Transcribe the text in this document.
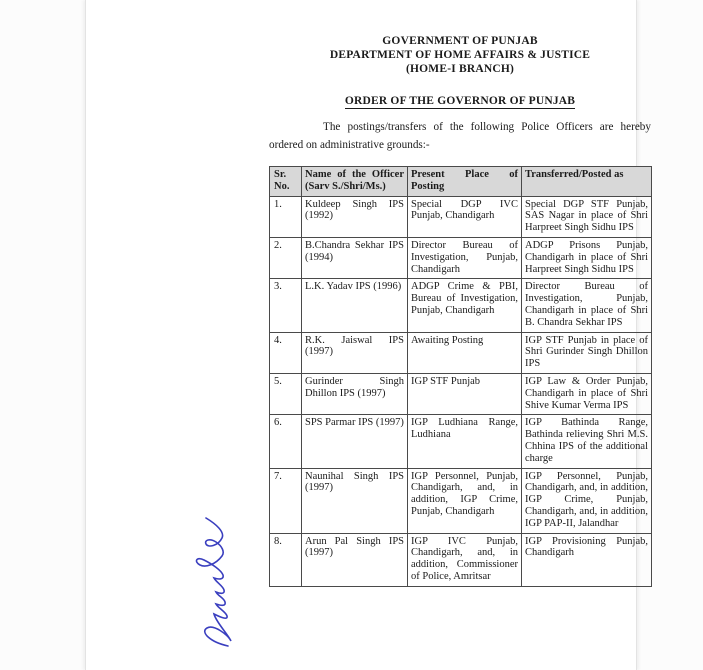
GOVERNMENT OF PUNJAB
DEPARTMENT OF HOME AFFAIRS & JUSTICE
(HOME-I BRANCH)
ORDER OF THE GOVERNOR OF PUNJAB

The postings/transfers of the following Police Officers are hereby ordered on administrative grounds:-

Sr. No.	Name of the Officer (Sarv S./Shri/Ms.)	Present Place of Posting	Transferred/Posted as
1.	Kuldeep Singh IPS (1992)	Special DGP IVC Punjab, Chandigarh	Special DGP STF Punjab, SAS Nagar in place of Shri Harpreet Singh Sidhu IPS
2.	B.Chandra Sekhar IPS (1994)	Director Bureau of Investigation, Punjab, Chandigarh	ADGP Prisons Punjab, Chandigarh in place of Shri Harpreet Singh Sidhu IPS
3.	L.K. Yadav IPS (1996)	ADGP Crime & PBI, Bureau of Investigation, Punjab, Chandigarh	Director Bureau of Investigation, Punjab, Chandigarh in place of Shri B. Chandra Sekhar IPS
4.	R.K. Jaiswal IPS (1997)	Awaiting Posting	IGP STF Punjab in place of Shri Gurinder Singh Dhillon IPS
5.	Gurinder Singh Dhillon IPS (1997)	IGP STF Punjab	IGP Law & Order Punjab, Chandigarh in place of Shri Shive Kumar Verma IPS
6.	SPS Parmar IPS (1997)	IGP Ludhiana Range, Ludhiana	IGP Bathinda Range, Bathinda relieving Shri M.S. Chhina IPS of the additional charge
7.	Naunihal Singh IPS (1997)	IGP Personnel, Punjab, Chandigarh, and, in addition, IGP Crime, Punjab, Chandigarh	IGP Personnel, Punjab, Chandigarh, and, in addition, IGP Crime, Punjab, Chandigarh, and, in addition, IGP PAP-II, Jalandhar
8.	Arun Pal Singh IPS (1997)	IGP IVC Punjab, Chandigarh, and, in addition, Commissioner of Police, Amritsar	IGP Provisioning Punjab, Chandigarh
